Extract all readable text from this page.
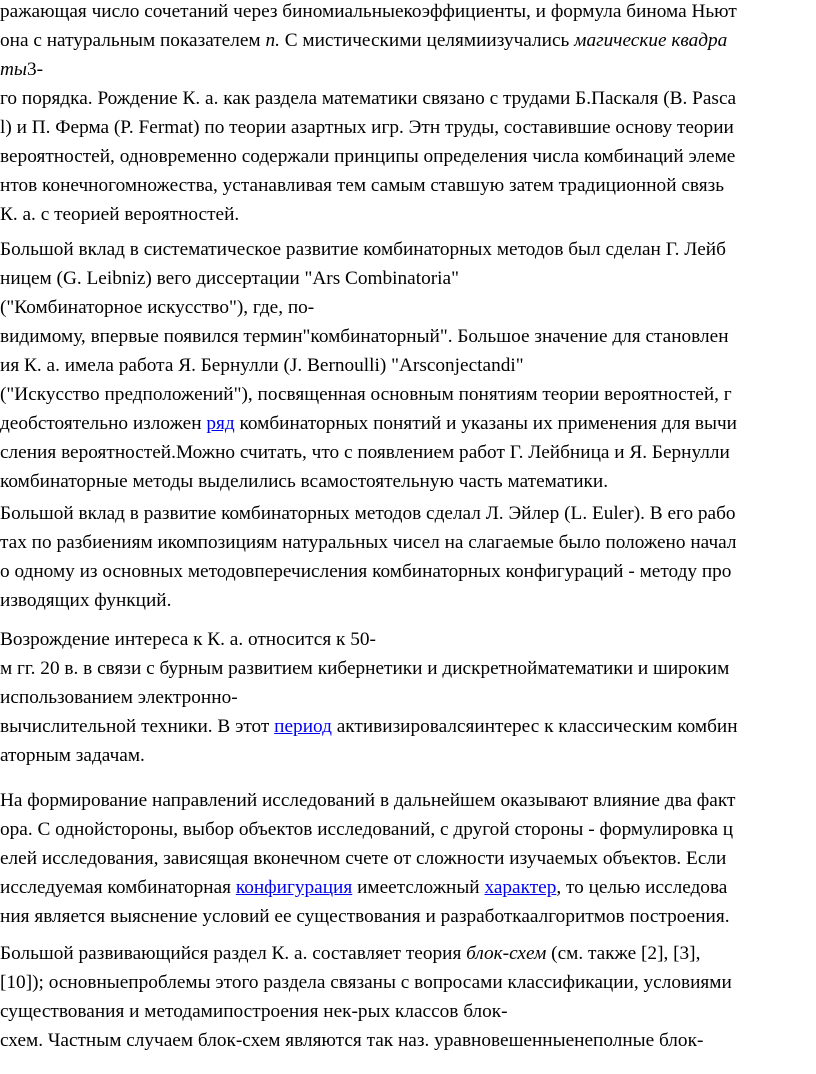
ражающая число сочетаний через биномиальныекоэффициенты, и формула бинома Ньют
она с натуральным показателем n. С мистическими целямиизучались магические квадра
ты3-
го порядка. Рождение К. а. как раздела математики связано с трудами Б.Паскаля (В. Pasca
l) и П. Ферма (P. Fermat) по теории азартных игр. Этн труды, составившие основу теории
вероятностей, одновременно содержали принципы определения числа комбинаций элеме
нтов конечногомножества, устанавливая тем самым ставшую затем традиционной связь
К. а. с теорией вероятностей.
Большой вклад в систематическое развитие комбинаторных методов был сделан Г. Лейб
ницем (G. Leibniz) вего диссертации "Ars Combinatoria"
("Комбинаторное искусство"), где, по-
видимому, впервые появился термин"комбинаторный". Большое значение для становлен
ия К. а. имела работа Я. Бернулли (J. Bernoulli) "Arsconjectandi"
("Искусство предположений"), посвященная основным понятиям теории вероятностей, г
деобстоятельно изложен ряд комбинаторных понятий и указаны их применения для вычи
сления вероятностей.Можно считать, что с появлением работ Г. Лейбница и Я. Бернулли
комбинаторные методы выделились всамостоятельную часть математики.
Большой вклад в развитие комбинаторных методов сделал Л. Эйлер (L. Euler). В его рабо
тах по разбиениям икомпозициям натуральных чисел на слагаемые было положено начал
о одному из основных методовперечисления комбинаторных конфигураций - методу про
изводящих функций.
Возрождение интереса к К. а. относится к 50-
м гг. 20 в. в связи с бурным развитием кибернетики и дискретнойматематики и широким
использованием электронно-
вычислительной техники. В этот период активизировалсяинтерес к классическим комбин
аторным задачам.
На формирование направлений исследований в дальнейшем оказывают влияние два факт
ора. С однойстороны, выбор объектов исследований, с другой стороны - формулировка ц
елей исследования, зависящая вконечном счете от сложности изучаемых объектов. Если
исследуемая комбинаторная конфигурация имеетсложный характер, то целью исследова
ния является выяснение условий ее существования и разработкаалгоритмов построения.
Большой развивающийся раздел К. а. составляет теория блок-схем (см. также [2], [3],
[10]); основныепроблемы этого раздела связаны с вопросами классификации, условиями
существования и методамипостроения нек-рых классов блок-
схем. Частным случаем блок-схем являются так наз. уравновешенныенеполные блок-
